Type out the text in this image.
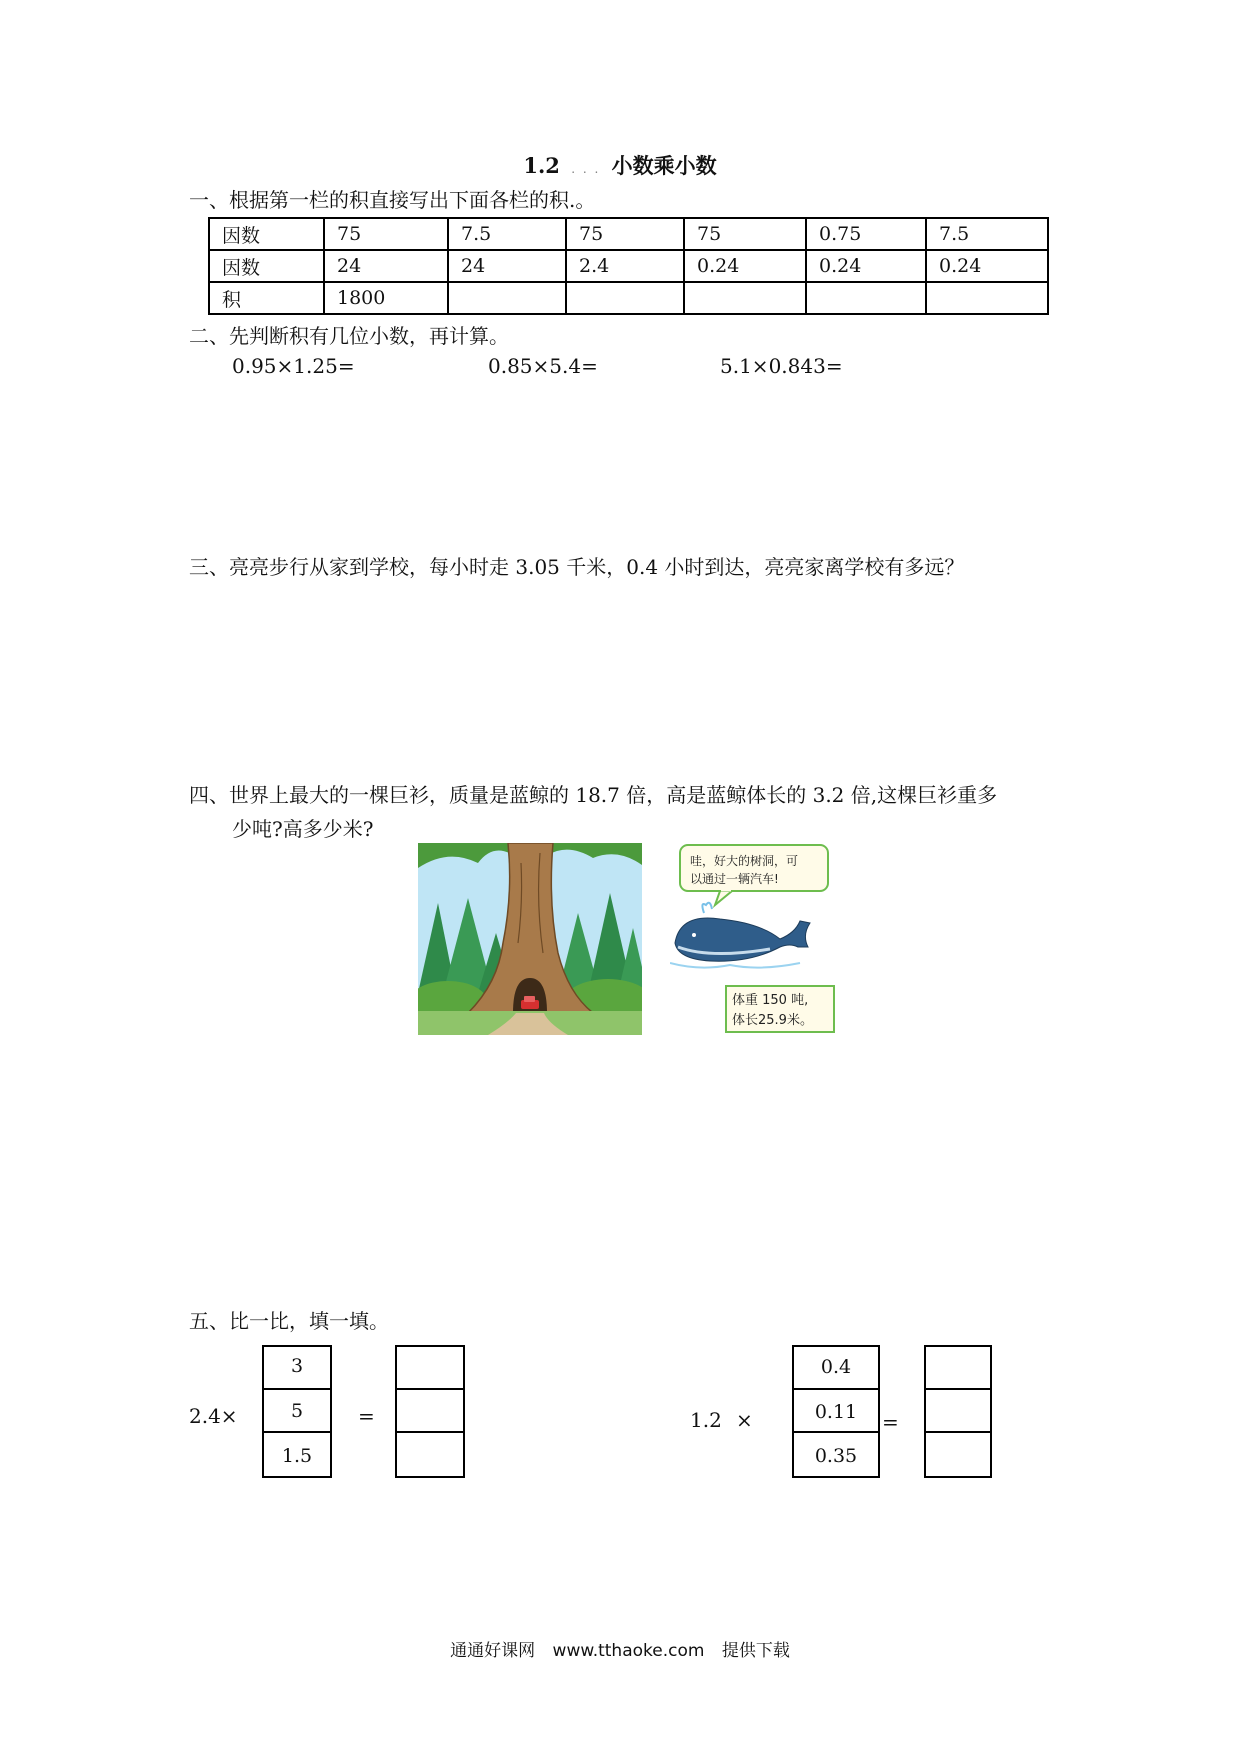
1.2 . . . 小数乘小数
一、根据第一栏的积直接写出下面各栏的积.。
因数	75	7.5	75	75	0.75	7.5
因数	24	24	2.4	0.24	0.24	0.24
积	1800					
二、先判断积有几位小数，再计算。
0.95×1.25=	0.85×5.4=	5.1×0.843=
三、亮亮步行从家到学校，每小时走 3.05 千米，0.4 小时到达，亮亮家离学校有多远？
四、世界上最大的一棵巨衫，质量是蓝鲸的 18.7 倍，高是蓝鲸体长的 3.2 倍,这棵巨衫重多
少吨?高多少米?
哇，好大的树洞，可
以通过一辆汽车!
体重 150 吨,
体长25.9米。
五、比一比，填一填。
2.4×
3
5
1.5
=	1.2 ×
0.4
0.11
0.35
=
通通好课网 www.tthaoke.com 提供下载
